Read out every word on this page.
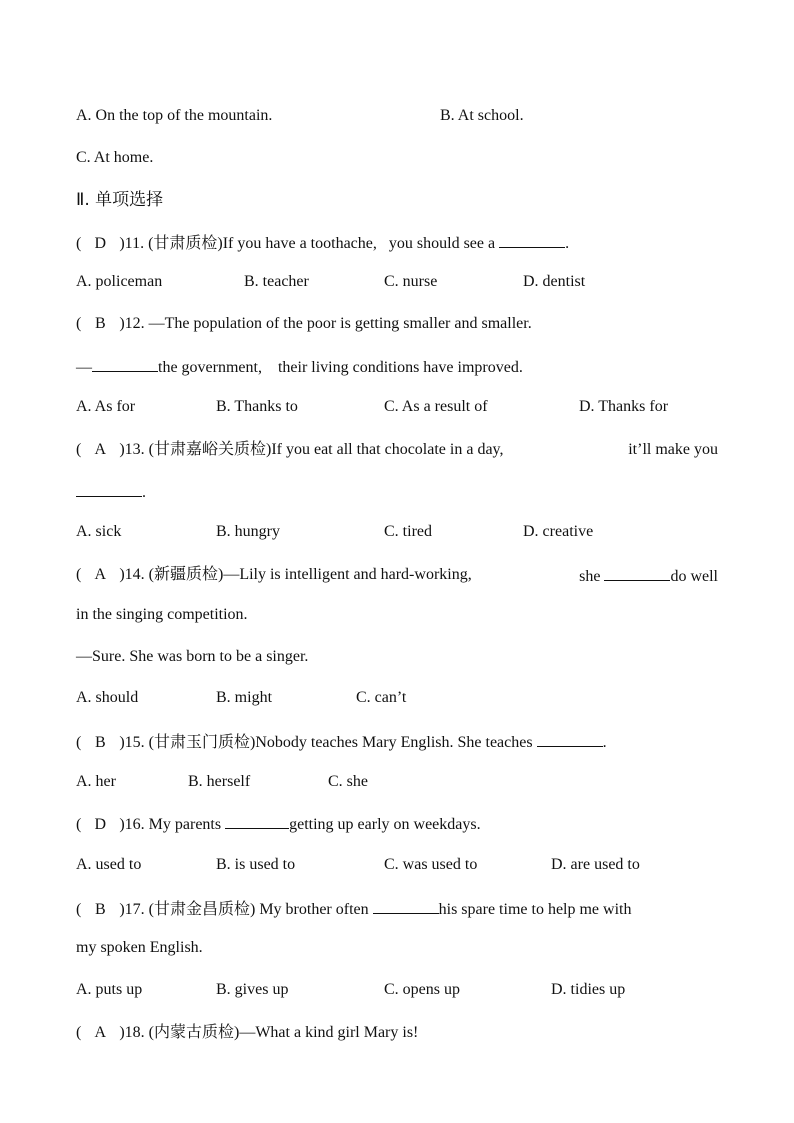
A. On the top of the mountain.	B. At school.
C. At home.
Ⅱ. 单项选择
( D )11. (甘肃质检)If you have a toothache, you should see a	.
A. policeman	B. teacher	C. nurse	D. dentist
( B )12. —The population of the poor is getting smaller and smaller.
—	the government, their living conditions have improved.
A. As for	B. Thanks to	C. As a result of	D. Thanks for
( A )13. (甘肃嘉峪关质检)If you eat all that chocolate in a day,	it’ll make you
.
A. sick	B. hungry	C. tired	D. creative
( A )14. (新疆质检)—Lily is intelligent and hard-working,	she	do well
in the singing competition.
—Sure. She was born to be a singer.
A. should	B. might	C. can’t
( B )15. (甘肃玉门质检)Nobody teaches Mary English. She teaches	.
A. her	B. herself	C. she
( D )16. My parents	getting up early on weekdays.
A. used to	B. is used to	C. was used to	D. are used to
( B )17. (甘肃金昌质检) My brother often	his spare time to help me with
my spoken English.
A. puts up	B. gives up	C. opens up	D. tidies up
( A )18. (内蒙古质检)—What a kind girl Mary is!
